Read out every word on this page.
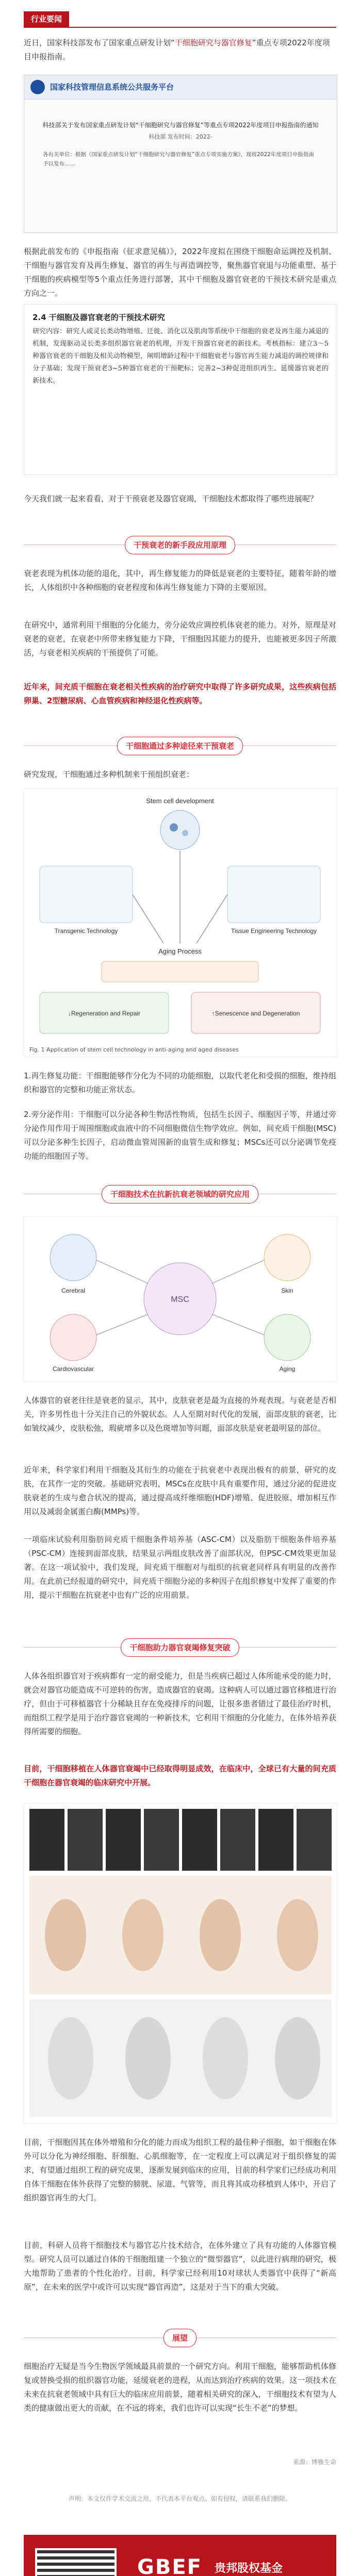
行业要闻
近日，国家科技部发布了国家重点研发计划“干细胞研究与器官修复”重点专项2022年度项目申报指南。
国家科技管理信息系统公共服务平台
科技部关于发布国家重点研发计划“干细胞研究与器官修复”等重点专项2022年度项目申报指南的通知
科技部 发布时间：2022-
各有关单位：根据《国家重点研发计划“干细胞研究与器官修复”重点专项实施方案》，现将2022年度项目申报指南予以发布……
根据此前发布的《申报指南（征求意见稿）》，2022年度拟在围绕干细胞命运调控及机制、干细胞与器官发育及再生修复、器官的再生与再造调控等，聚焦器官衰退与功能重塑、基于干细胞的疾病模型等5个重点任务进行部署，其中干细胞及器官衰老的干预技术研究是重点方向之一。
2.4 干细胞及器官衰老的干预技术研究
研究内容：研究人或灵长类动物增殖、迁徙、消化以及肌肉等系统中干细胞的衰老及再生能力减退的机制，发现驱动灵长类多组织器官衰老的机理，开发干预器官衰老的新技术。考核指标：建立3～5种器官衰老的干细胞及相关动物模型，阐明增龄过程中干细胞衰老与器官再生能力减退的调控规律和分子基础；发现干预衰老3~5种器官衰老的干预靶标；完善2~3种促进组织再生、延缓器官衰老的新技术。
今天我们就一起来看看，对于干预衰老及器官衰竭，干细胞技术都取得了哪些进展呢？
干预衰老的新手段应用原理
衰老表现为机体功能的退化，其中，再生修复能力的降低是衰老的主要特征，随着年龄的增长，人体组织中各种细胞的衰老程度和体再生修复能力下降的主要原因。
在研究中，通常利用干细胞的分化能力，旁分泌效应调控机体衰老的能力。对外，原理是对衰老的衰老，在衰老中所带来修复能力下降，干细胞因其能力的提升，也能被更多因子所激活，与衰老相关疾病的干预提供了可能。
近年来，间充质干细胞在衰老相关性疾病的治疗研究中取得了许多研究成果，这些疾病包括卵巢、2型糖尿病、心血管疾病和神经退化性疾病等。
干细胞通过多种途径来干预衰老
研究发现，干细胞通过多种机制来干预组织衰老：
Stem cell development
Transgenic Technology	Tissue Engineering Technology
Aging Process
↓Regeneration and Repair	↑Senescence and Degeneration
Fig. 1 Application of stem cell technology in anti-aging and aged diseases
1.再生修复功能：干细胞能够作分化为不同的功能细胞，以取代老化和受损的细胞，维持组织和器官的完整和功能正常状态。
2.旁分泌作用：干细胞可以分泌各种生物活性物质，包括生长因子、细胞因子等，并通过旁分泌作用作用于周围细胞或血液中的不同细胞微信生物学效应。例如，间充质干细胞(MSC)可以分泌多种生长因子，启动微血管周围新的血管生成和修复；MSCs还可以分泌调节免疫功能的细胞因子等。
干细胞技术在抗新抗衰老领域的研究应用
MSC
Cerebral
Cardiovascular
Skin
Aging
人体器官的衰老往往是衰老的显示，其中，皮肤衰老是最为直接的外观表现。与衰老是否相关，许多男性也十分关注自己的外貌状态。人人至期对时代化的发展，面部皮肤的衰老，比如皱纹减少，皮肤松弛，瑕疵增多以及色斑增加等问题，面部皮肤是衰老最明显的部位。
近年来，科学家们利用干细胞及其衍生的功能在于抗衰老中表现出极有的前景，研究的皮肤，在其作一定的突破。基础研究表明，MSCs在皮肤中具有重要作用，通过分泌的促进皮肤衰老的生成与愈合状况的提高，通过提高成纤维细胞(HDF)增殖、促进胶原、增加相互作用以及减弱金属蛋白酶(MMPs)等。
一项临床试验利用脂肪间充质干细胞条件培养基（ASC-CM）以及脂肪干细胞条件培养基（PSC-CM）连接到面部皮肤，结果显示两组皮肤改善了面部状况，但PSC-CM效果更加显著。在这一项试验中，我们发现，间充质干细胞对与组织的抗衰老同样具有明显的改善作用。在此前已经报道的研究中，间充质干细胞分泌的多种因子在组织修复中发挥了重要的作用，提示干细胞在抗衰老中也有广泛的应用前景。
干细胞助力器官衰竭修复突破
人体各组织器官对于疾病都有一定的耐受能力，但是当疾病已超过人体所能承受的能力时，就会对器官功能造成不可逆转的伤害，造成器官的衰竭。这种病人可以通过器官移植进行治疗，但由于可移植器官十分稀缺且存在免疫排斥的问题，让很多患者错过了最佳治疗时机，而组织工程学是用于治疗器官衰竭的一种新技术，它利用干细胞的分化能力，在体外培养获得所需要的细胞。
目前，干细胞移植在人体器官衰竭中已经取得明显成效，在临床中，全球已有大量的间充质干细胞在器官衰竭的临床研究中开展。
目前，干细胞因其在体外增殖和分化的能力而成为组织工程的最佳种子细胞，如干细胞在体外可以分化为神经细胞、肝细胞、心肌细胞等，在一定程度上可以满足对于组织修复的需求，有望通过组织工程的研究成果，逐渐发展到临床的应用，目前的科学家们已经成功利用自体干细胞在体外获得了完整的膀胱、尿道、气管等，而且将其成功移植到人体中，开启了组织器官再生的大门。
目前，科研人员将干细胞技术与器官芯片技术结合，在体外建立了具有功能的人体器官模型。研究人员可以通过自体的干细胞组建一个独立的“微型器官”，以此进行病理的研究，极大地帮助了患者的个性化治疗。目前，科学家已经利用10对球状人类器官中获得了“新高原”，在未来的医学中或许可以实现“器官再造”，这是对于当下的重大突破。
展望
细胞治疗无疑是当今生物医学领域最具前景的一个研究方向。利用干细胞，能够帮助机体修复或替换受损的组织器官功能，延缓衰老的进程，从而达到治疗疾病的效果。这一项技术在未来在抗衰老领域中具有巨大的临床应用前景，随着相关研究的深入，干细胞技术有望为人类的健康做出更大的贡献，在不远的将来，我们也许可以实现“长生不老”的梦想。
来源：博雅生命
声明：本文仅作学术交流之用，不代表本平台观点。如有侵权，请联系我们删除。
GBEF 贵邦股权基金
